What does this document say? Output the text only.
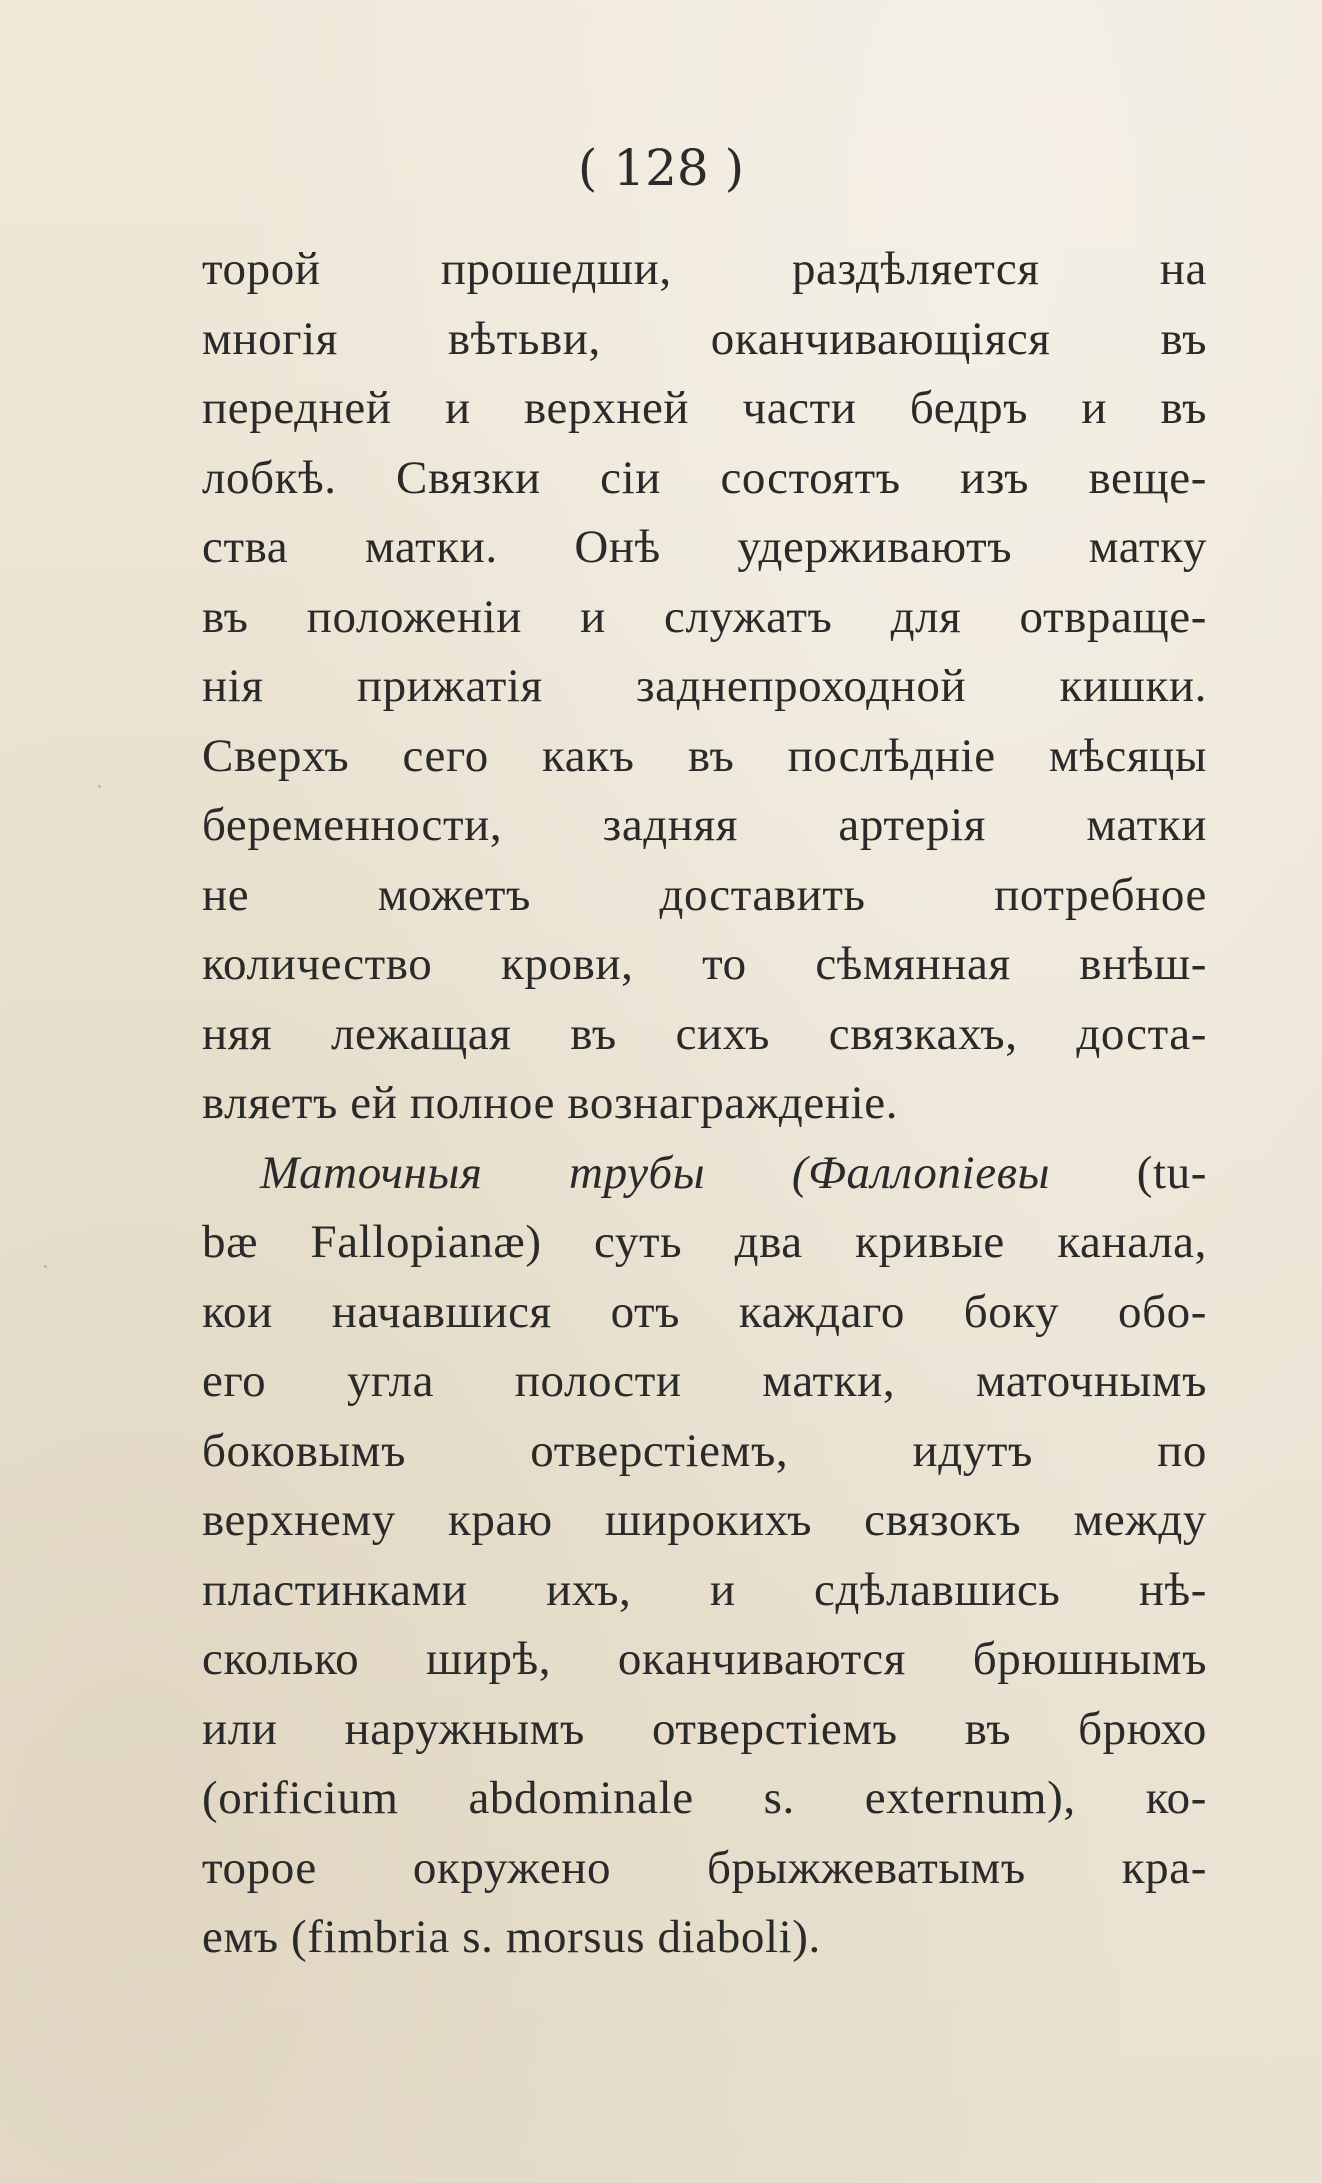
( 128 )
торой прошедши, раздѣляется на
многія вѣтьви, оканчивающіяся въ
передней и верхней части бедръ и въ
лобкѣ. Связки сіи состоятъ изъ веще-
ства матки. Онѣ удерживаютъ матку
въ положеніи и служатъ для отвраще-
нія прижатія заднепроходной кишки.
Сверхъ сего какъ въ послѣдніе мѣсяцы
беременности, задняя артерія матки
не можетъ доставить потребное
количество крови, то сѣмянная внѣш-
няя лежащая въ сихъ связкахъ, доста-
вляетъ ей полное вознагражденіе.
Маточныя трубы (Фаллопіевы (tu-
bæ Fallopianæ) суть два кривые канала,
кои начавшися отъ каждаго боку обо-
его угла полости матки, маточнымъ
боковымъ отверстіемъ, идутъ по
верхнему краю широкихъ связокъ между
пластинками ихъ, и сдѣлавшись нѣ-
сколько ширѣ, оканчиваются брюшнымъ
или наружнымъ отверстіемъ въ брюхо
(orificium abdominale s. externum), ко-
торое окружено брыжжеватымъ кра-
емъ (fimbria s. morsus diaboli).
